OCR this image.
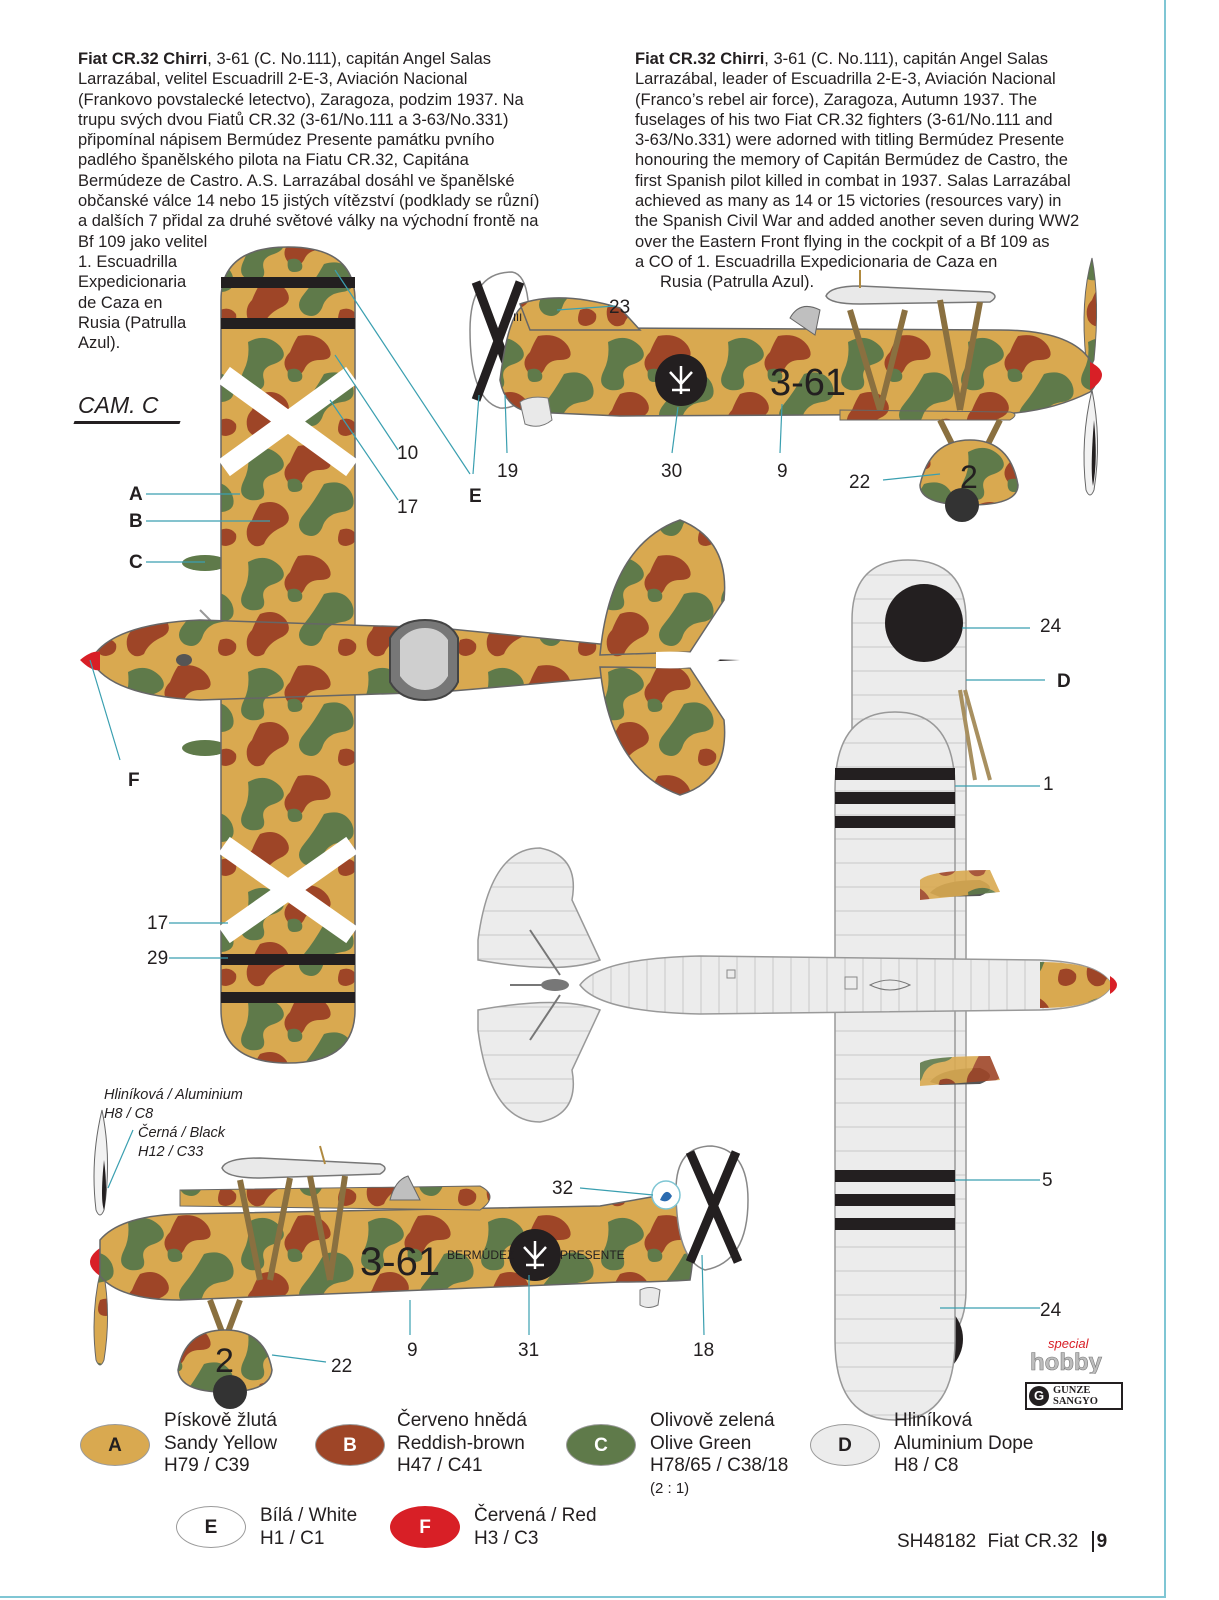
Fiat CR.32 Chirri, 3-61 (C. No.111), capitán Angel Salas
Larrazábal, velitel Escuadrill 2-E-3, Aviación Nacional
(Frankovo povstalecké letectvo), Zaragoza, podzim 1937. Na
trupu svých dvou Fiatů CR.32 (3-61/No.111 a 3-63/No.331)
připomínal nápisem Bermúdez Presente památku pvního
padlého španělského pilota na Fiatu CR.32, Capitána
Bermúdeze de Castro. A.S. Larrazábal dosáhl ve španělské
občanské válce 14 nebo 15 jistých vítězství (podklady se různí)
a dalších 7 přidal za druhé světové války na východní frontě na
Bf 109 jako velitel
1. Escuadrilla
Expedicionaria
de Caza en
Rusia (Patrulla
Azul).
Fiat CR.32 Chirri, 3-61 (C. No.111), capitán Angel Salas
Larrazábal, leader of Escuadrilla 2-E-3, Aviación Nacional
(Franco’s rebel air force), Zaragoza, Autumn 1937. The
fuselages of his two Fiat CR.32 fighters (3-61/No.111 and
3-63/No.331) were adorned with titling Bermúdez Presente
honouring the memory of Capitán Bermúdez de Castro, the
first Spanish pilot killed in combat in 1937. Salas Larrazábal
achieved as many as 14 or 15 victories (resources vary) in
the Spanish Civil War and added another seven during WW2
over the Eastern Front flying in the cockpit of a Bf 109 as
a CO of 1. Escuadrilla Expedicionaria de Caza en
Rusia (Patrulla Azul).
CAM. C
III
3-61
2
3-61 BERMÚDEZ	PRESENTE
2
23
19
E
30	9
22
10
17
A
B
C
F
17
29
24
D
1
5
24
32
9	31	18
22
Hliníková / Aluminium
H8 / C8
Černá / Black
H12 / C33
special
hobby
G GUNZE
SANGYO
A
Pískově žlutá
Sandy Yellow
H79 / C39
B
Červeno hnědá
Reddish-brown
H47 / C41
C
Olivově zelená
Olive Green
H78/65 / C38/18
(2 : 1)
D
Hliníková
Aluminium Dope
H8 / C8
E
Bílá / White
H1 / C1	F
Červená / Red
H3 / C3	SH48182 Fiat CR.32 9
